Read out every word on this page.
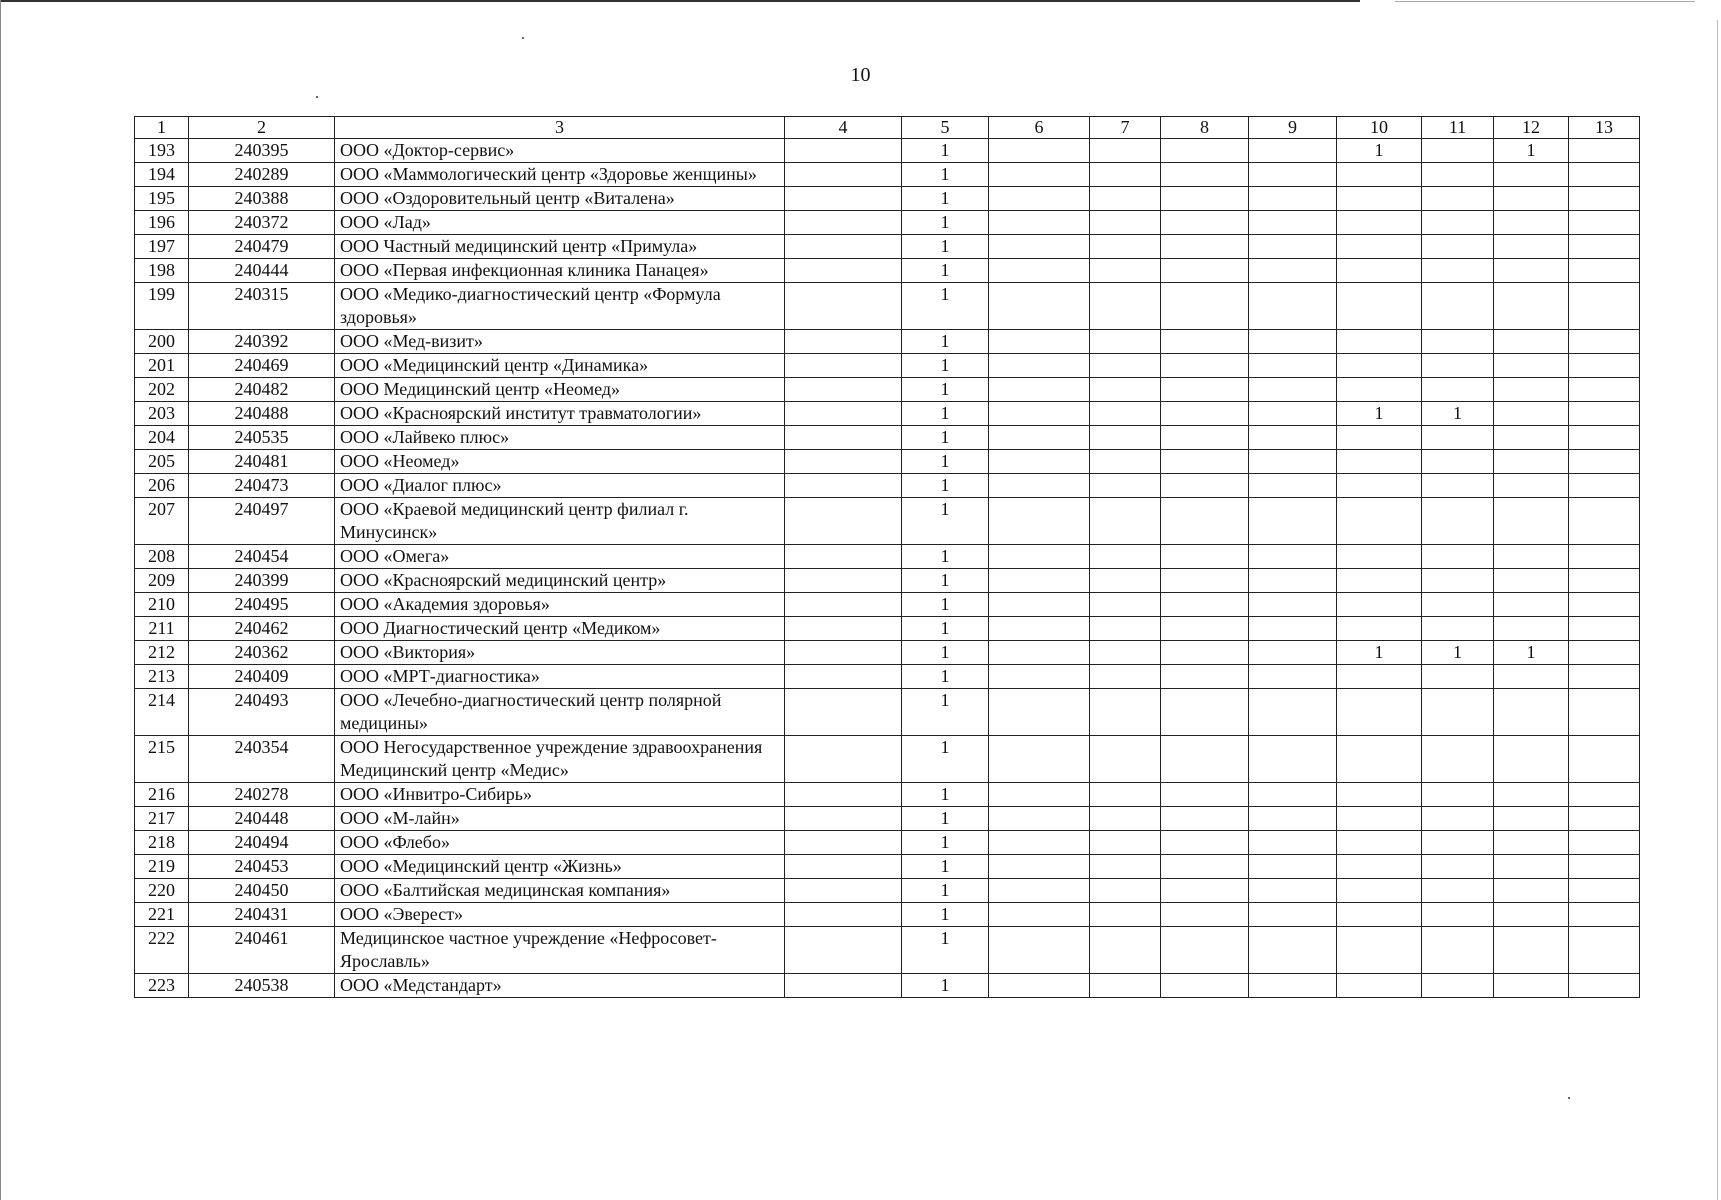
10
1	2	3	4	5	6	7	8	9	10	11	12	13
193	240395	ООО «Доктор-сервис»		1					1		1	
194	240289	ООО «Маммологический центр «Здоровье женщины»		1								
195	240388	ООО «Оздоровительный центр «Виталена»		1								
196	240372	ООО «Лад»		1								
197	240479	ООО Частный медицинский центр «Примула»		1								
198	240444	ООО «Первая инфекционная клиника Панацея»		1								
199	240315	ООО «Медико-диагностический центр «Формула здоровья»		1								
200	240392	ООО «Мед-визит»		1								
201	240469	ООО «Медицинский центр «Динамика»		1								
202	240482	ООО Медицинский центр «Неомед»		1								
203	240488	ООО «Красноярский институт травматологии»		1					1	1		
204	240535	ООО «Лайвеко плюс»		1								
205	240481	ООО «Неомед»		1								
206	240473	ООО «Диалог плюс»		1								
207	240497	ООО «Краевой медицинский центр филиал г. Минусинск»		1								
208	240454	ООО «Омега»		1								
209	240399	ООО «Красноярский медицинский центр»		1								
210	240495	ООО «Академия здоровья»		1								
211	240462	ООО Диагностический центр «Медиком»		1								
212	240362	ООО «Виктория»		1					1	1	1	
213	240409	ООО «МРТ-диагностика»		1								
214	240493	ООО «Лечебно-диагностический центр полярной медицины»		1								
215	240354	ООО Негосударственное учреждение здравоохранения Медицинский центр «Медис»		1								
216	240278	ООО «Инвитро-Сибирь»		1								
217	240448	ООО «М-лайн»		1								
218	240494	ООО «Флебо»		1								
219	240453	ООО «Медицинский центр «Жизнь»		1								
220	240450	ООО «Балтийская медицинская компания»		1								
221	240431	ООО «Эверест»		1								
222	240461	Медицинское частное учреждение «Нефросовет-Ярославль»		1								
223	240538	ООО «Медстандарт»		1								
